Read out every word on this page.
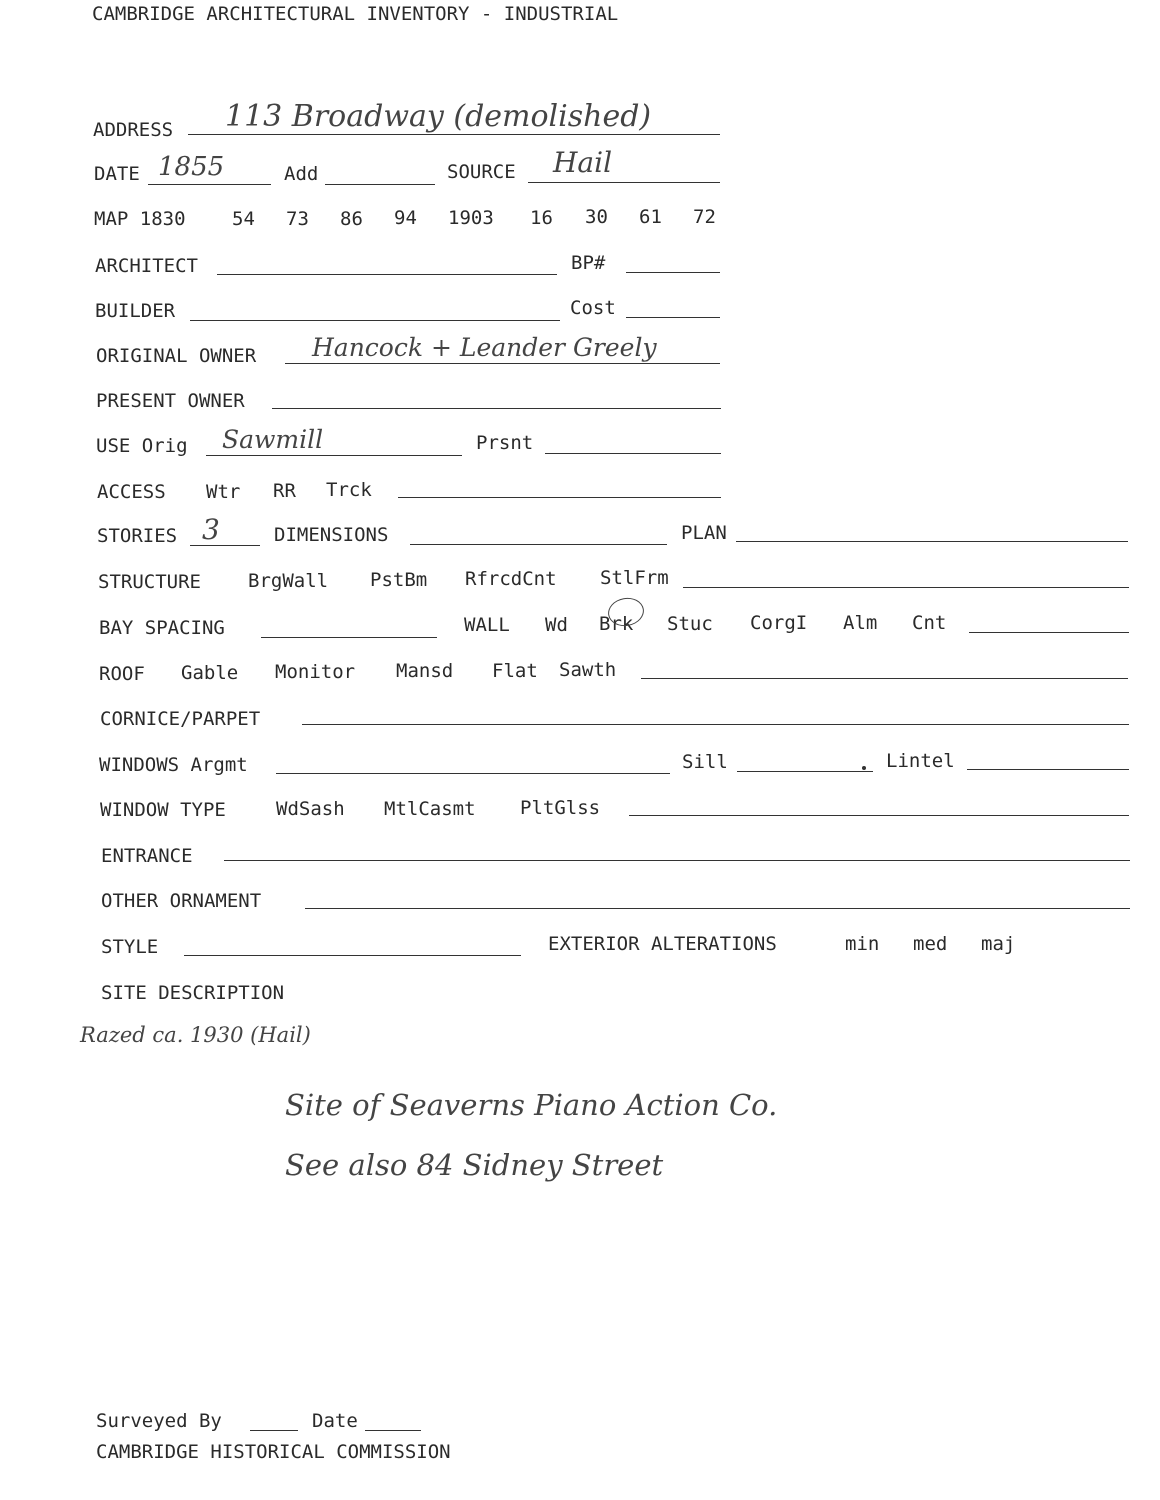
CAMBRIDGE ARCHITECTURAL INVENTORY - INDUSTRIAL
ADDRESS 113 Broadway (demolished)
DATE 1855	Add	SOURCE Hail
MAP 1830 54 73 86 94 1903 16 30 61 72
ARCHITECT	BP#
BUILDER	Cost
ORIGINAL OWNER Hancock + Leander Greely
PRESENT OWNER
USE Orig Sawmill	Prsnt
ACCESS Wtr RR Trck
STORIES 3	DIMENSIONS	PLAN
STRUCTURE BrgWall PstBm RfrcdCnt StlFrm
BAY SPACING	WALL Wd Brk Stuc CorgI Alm Cnt
ROOF Gable Monitor Mansd Flat Sawth
CORNICE/PARPET
WINDOWS Argmt	Sill	Lintel
WINDOW TYPE	WdSash MtlCasmt PltGlss
ENTRANCE
OTHER ORNAMENT
STYLE	EXTERIOR ALTERATIONS	min med maj
SITE DESCRIPTION
Razed ca. 1930 (Hail)
Site of Seaverns Piano Action Co.
See also 84 Sidney Street
Surveyed By	Date
CAMBRIDGE HISTORICAL COMMISSION
